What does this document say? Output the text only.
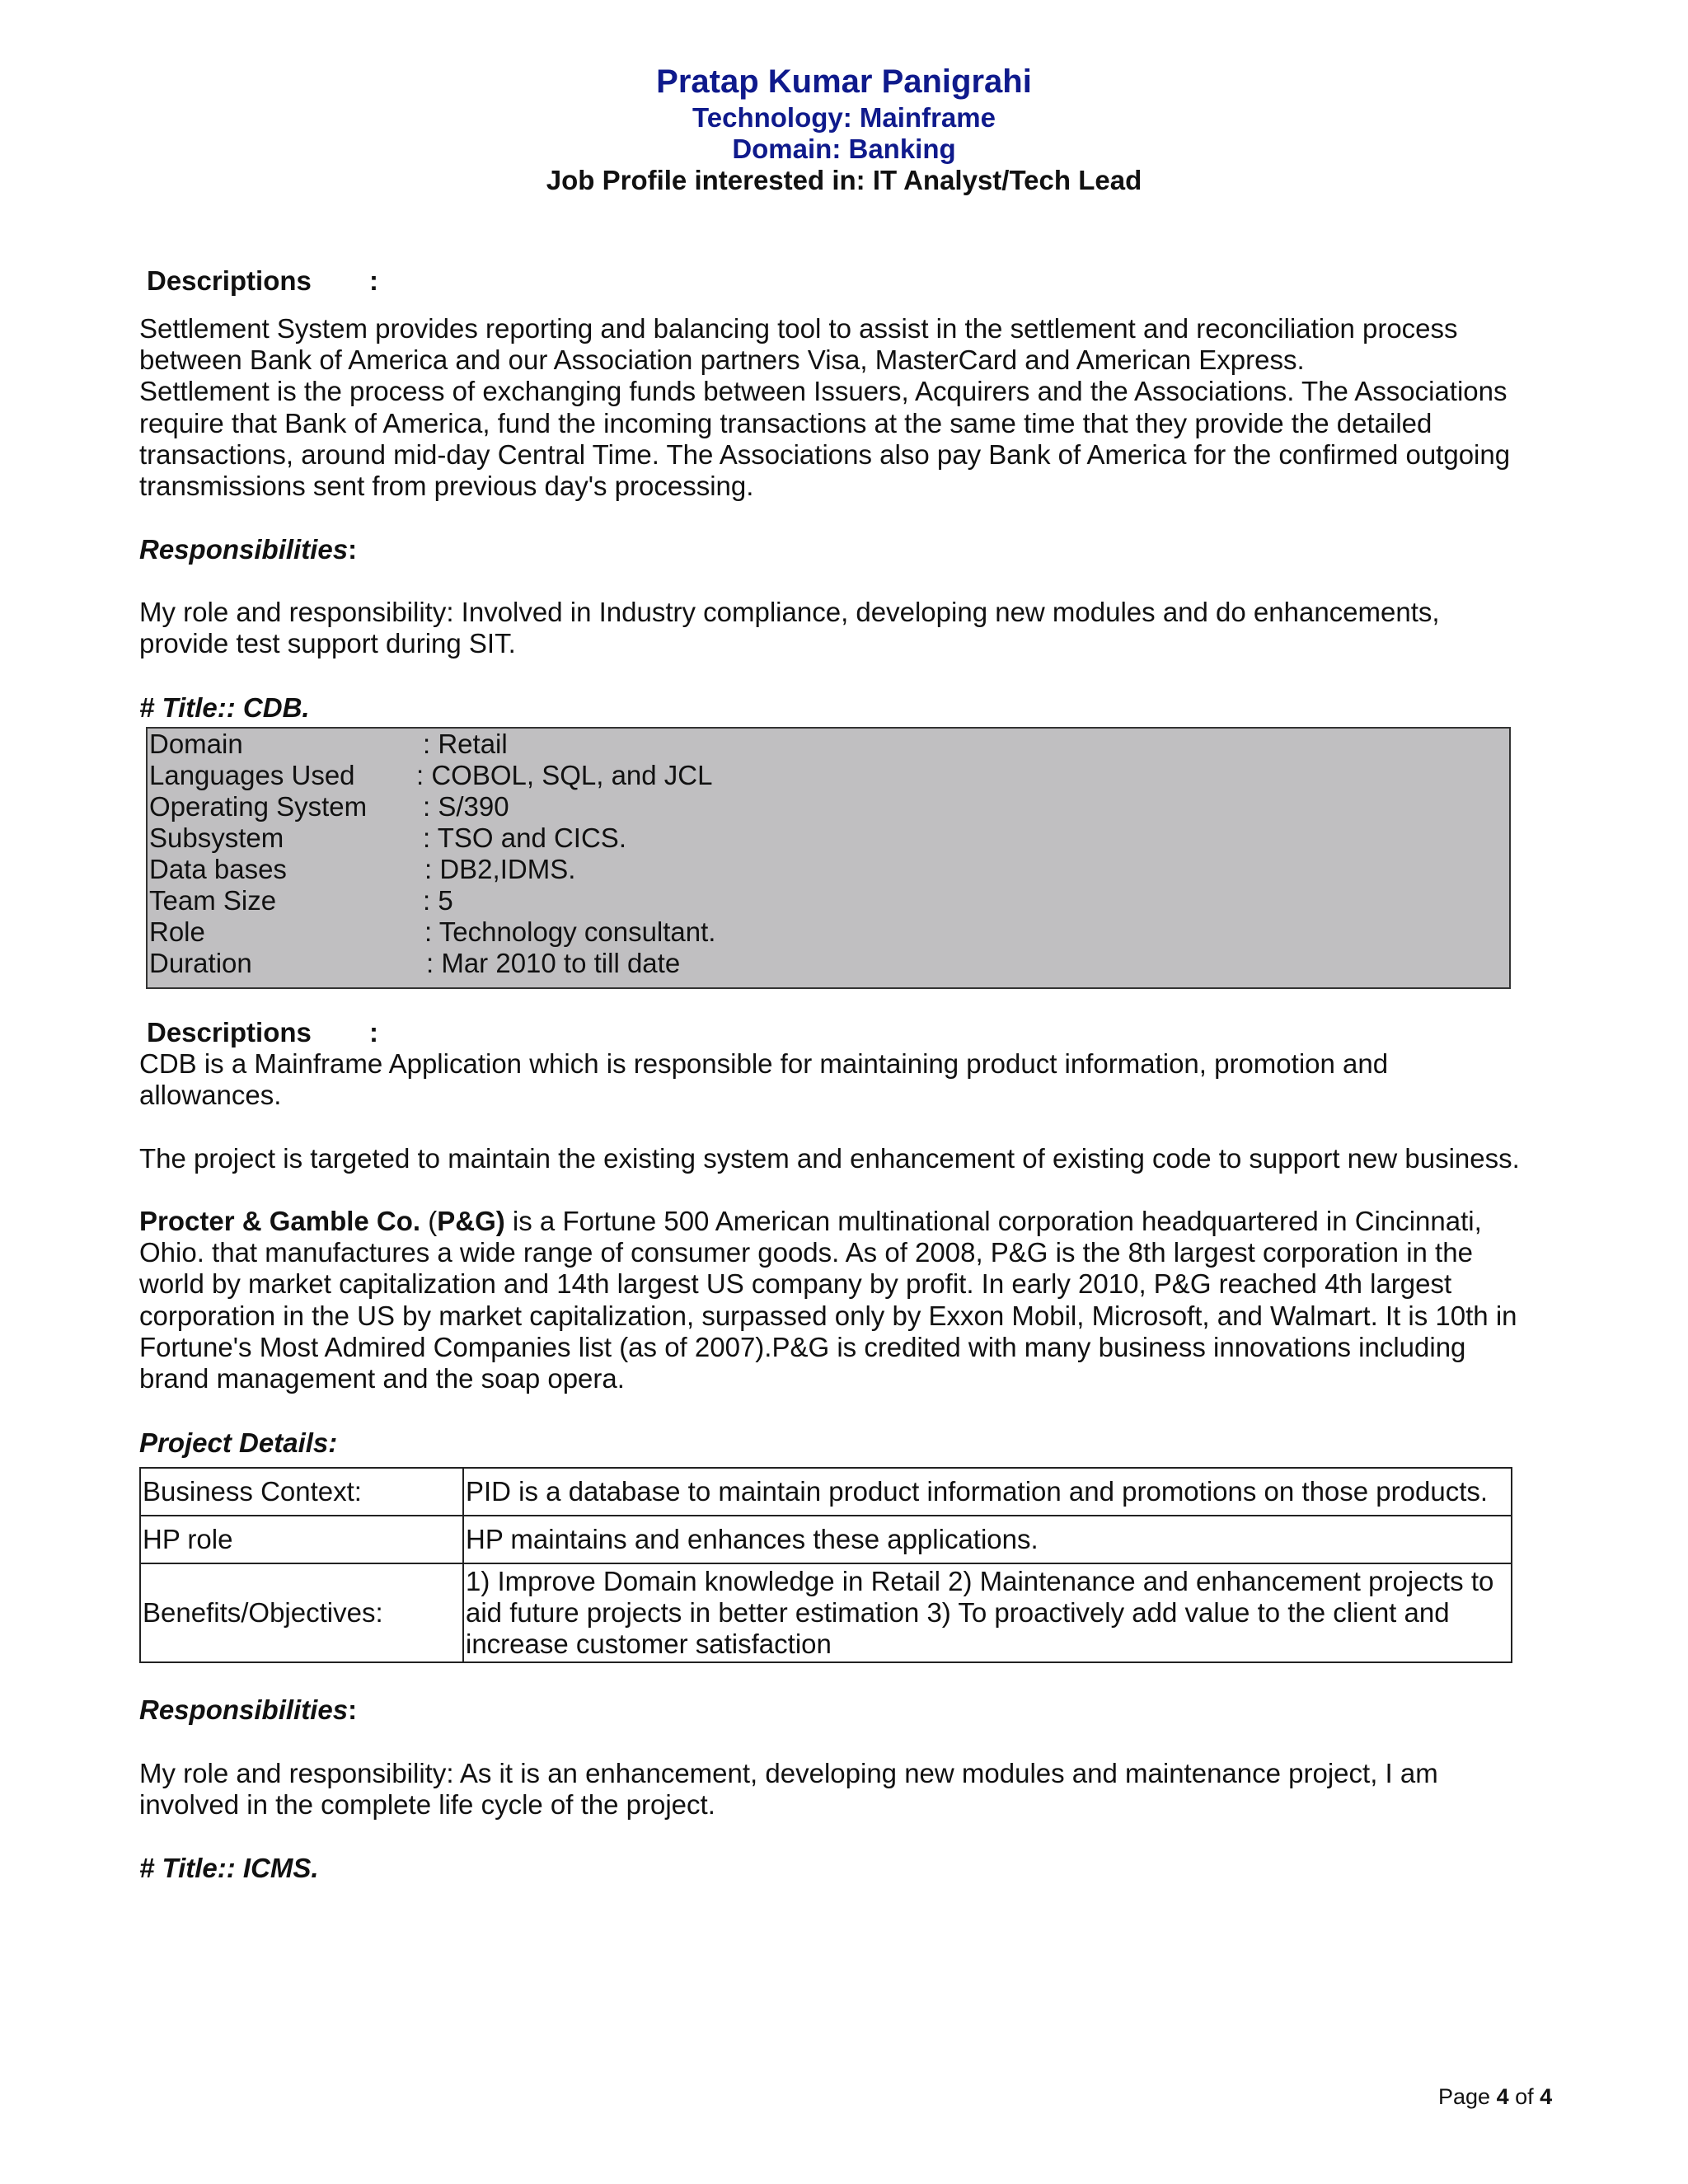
Pratap Kumar Panigrahi
Technology: Mainframe
Domain: Banking
Job Profile interested in: IT Analyst/Tech Lead
Descriptions :
Settlement System provides reporting and balancing tool to assist in the settlement and reconciliation process
between Bank of America and our Association partners Visa, MasterCard and American Express.
Settlement is the process of exchanging funds between Issuers, Acquirers and the Associations. The Associations
require that Bank of America, fund the incoming transactions at the same time that they provide the detailed
transactions, around mid-day Central Time. The Associations also pay Bank of America for the confirmed outgoing
transmissions sent from previous day's processing.
Responsibilities:
My role and responsibility: Involved in Industry compliance, developing new modules and do enhancements,
provide test support during SIT.
# Title:: CDB.
Domain	: Retail
Languages Used : COBOL, SQL, and JCL
Operating System : S/390
Subsystem	: TSO and CICS.
Data bases	: DB2,IDMS.
Team Size	: 5
Role	: Technology consultant.
Duration	: Mar 2010 to till date
Descriptions :
CDB is a Mainframe Application which is responsible for maintaining product information, promotion and
allowances.
The project is targeted to maintain the existing system and enhancement of existing code to support new business.
Procter & Gamble Co. (P&G) is a Fortune 500 American multinational corporation headquartered in Cincinnati,
Ohio. that manufactures a wide range of consumer goods. As of 2008, P&G is the 8th largest corporation in the
world by market capitalization and 14th largest US company by profit. In early 2010, P&G reached 4th largest
corporation in the US by market capitalization, surpassed only by Exxon Mobil, Microsoft, and Walmart. It is 10th in
Fortune's Most Admired Companies list (as of 2007).P&G is credited with many business innovations including
brand management and the soap opera.
Project Details:
Business Context:	PID is a database to maintain product information and promotions on those products.
HP role	HP maintains and enhances these applications.
Benefits/Objectives:	1) Improve Domain knowledge in Retail 2) Maintenance and enhancement projects to aid future projects in better estimation 3) To proactively add value to the client and increase customer satisfaction
Responsibilities:
My role and responsibility: As it is an enhancement, developing new modules and maintenance project, I am
involved in the complete life cycle of the project.
# Title:: ICMS.
Page 4 of 4
